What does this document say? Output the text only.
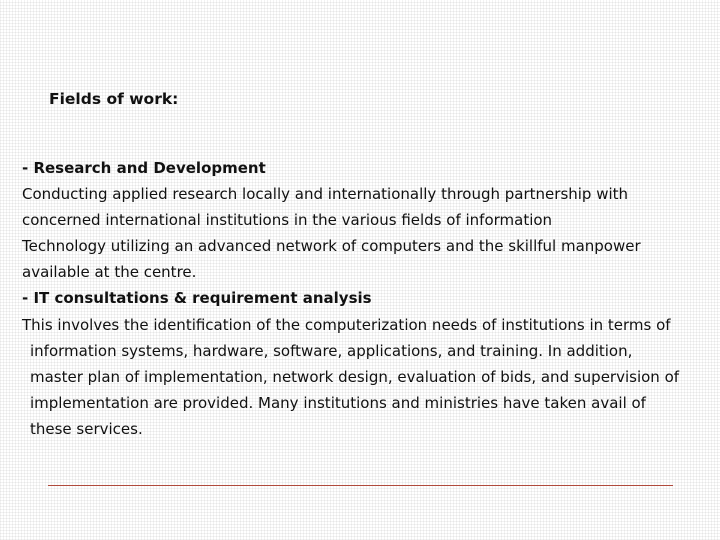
Fields of work:
- Research and Development
Conducting applied research locally and internationally through partnership with
concerned international institutions in the various fields of information
Technology utilizing an advanced network of computers and the skillful manpower
available at the centre.
- IT consultations & requirement analysis
This involves the identification of the computerization needs of institutions in terms of
information systems, hardware, software, applications, and training. In addition,
master plan of implementation, network design, evaluation of bids, and supervision of
implementation are provided. Many institutions and ministries have taken avail of
these services.
